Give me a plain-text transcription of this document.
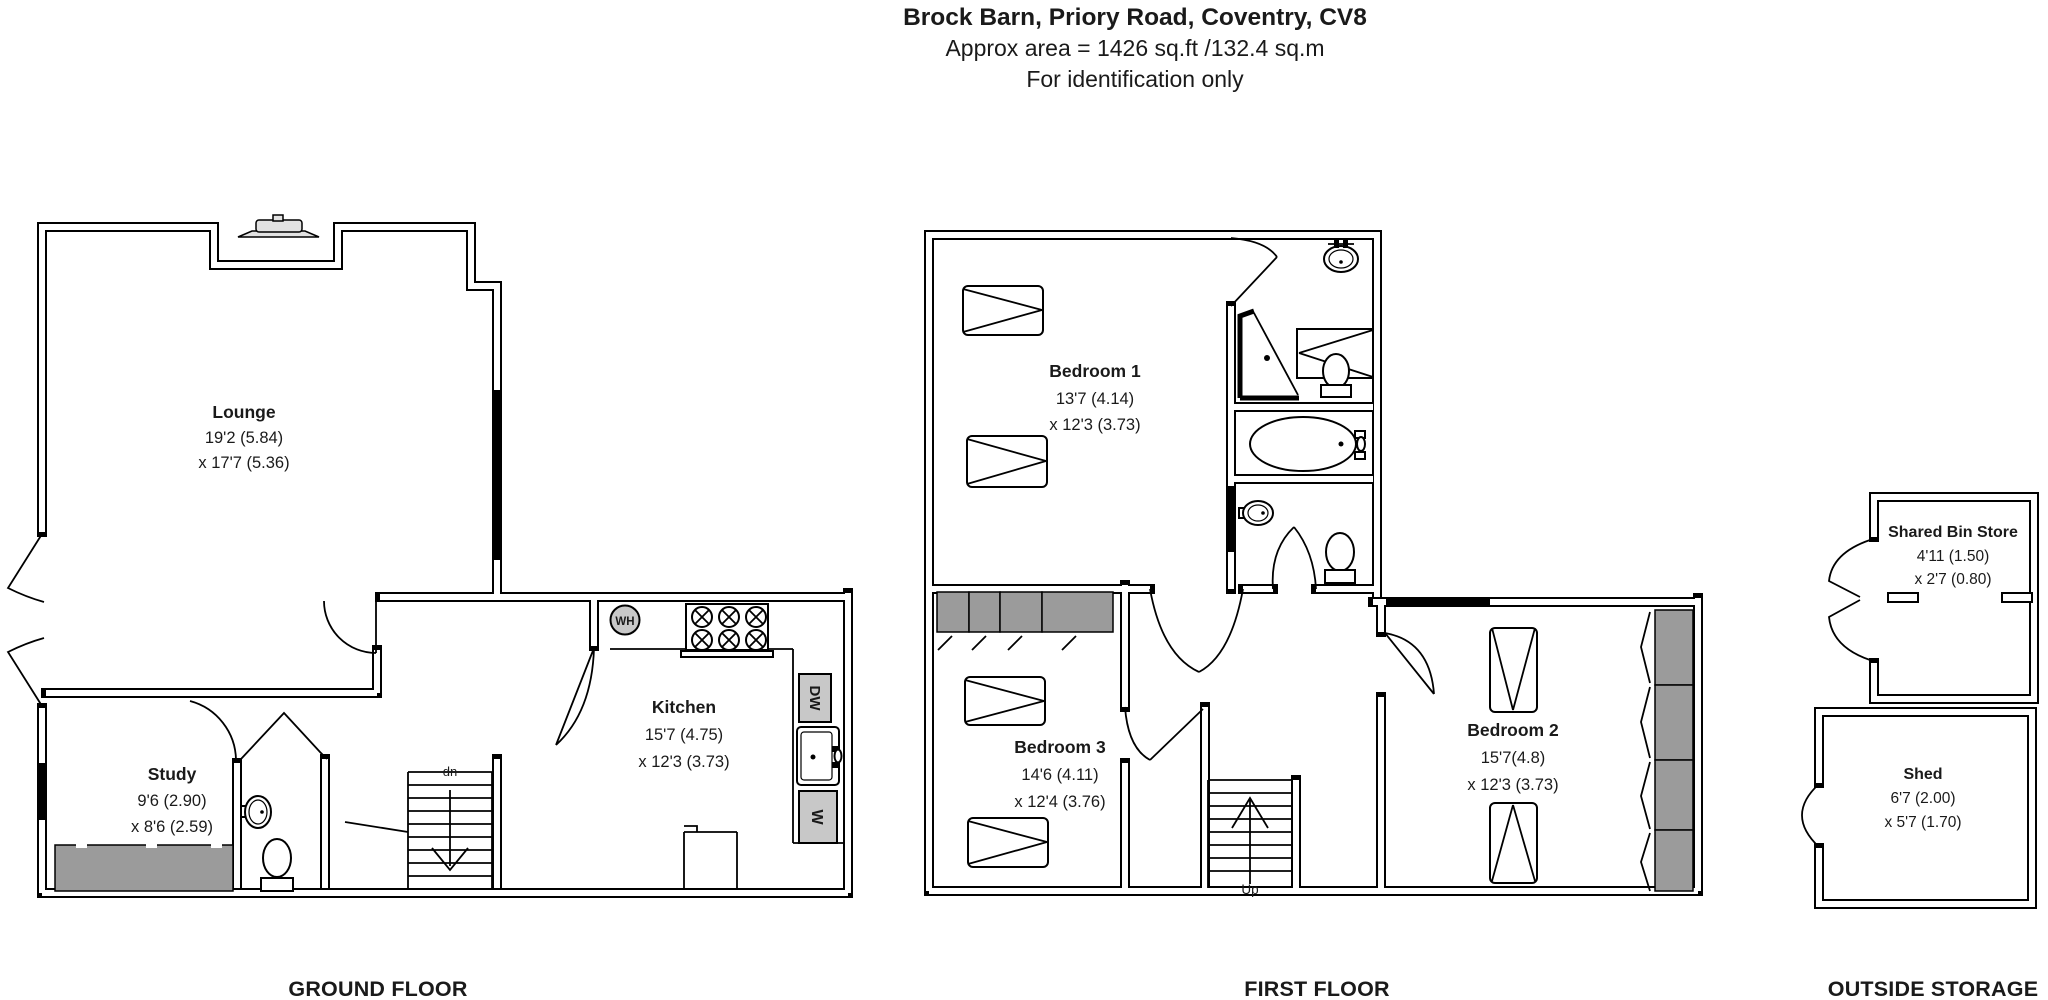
up
WH
DW
W
Up
Brock Barn, Priory Road, Coventry, CV8
Approx area = 1426 sq.ft /132.4 sq.m
For identification only
Lounge
19'2 (5.84)
x 17'7 (5.36)
Study
9'6 (2.90)
x 8'6 (2.59)
Kitchen
15'7 (4.75)
x 12'3 (3.73)
Bedroom 1
13'7 (4.14)
x 12'3 (3.73)
Bedroom 3
14'6 (4.11)
x 12'4 (3.76)
Bedroom 2
15'7(4.8)
x 12'3 (3.73)
Shared Bin Store
4'11 (1.50)
x 2'7 (0.80)
Shed
6'7 (2.00)
x 5'7 (1.70)
GROUND FLOOR	FIRST FLOOR	OUTSIDE STORAGE
